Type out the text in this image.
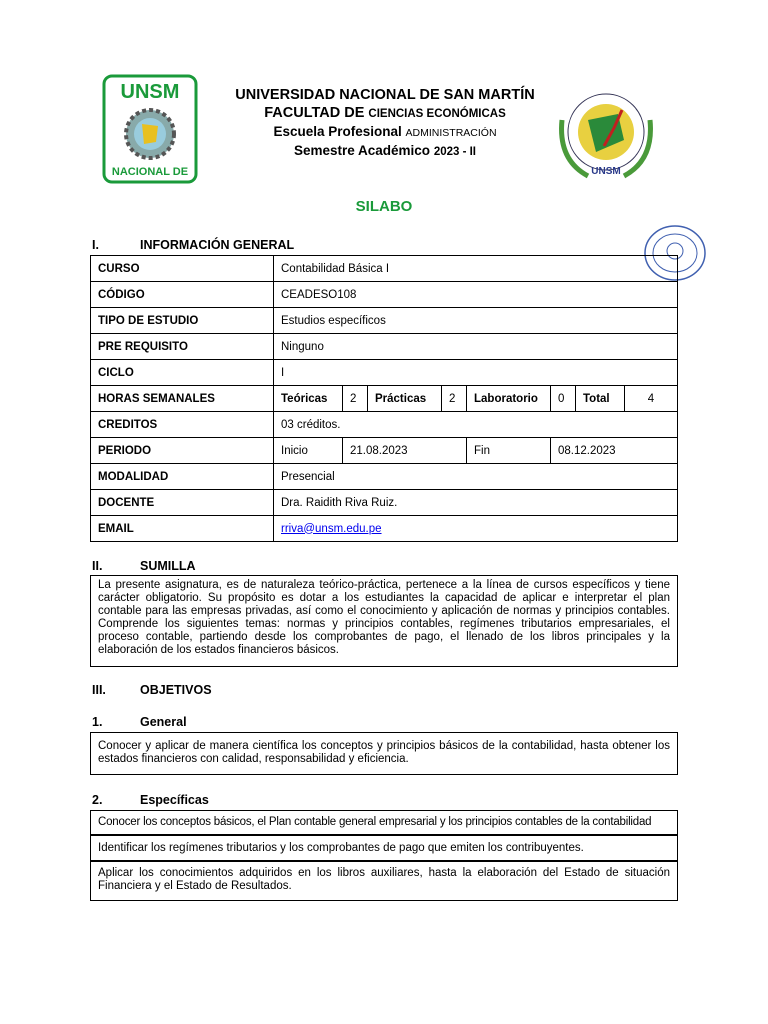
UNSM
NACIONAL DE
UNIVERSIDAD NACIONAL DE SAN MARTÍN
FACULTAD DE CIENCIAS ECONÓMICAS
Escuela Profesional ADMINISTRACIÓN
Semestre Académico 2023 - II
UNSM
SILABO
I.	INFORMACIÓN GENERAL
CURSO	Contabilidad Básica I							
CÓDIGO	CEADESO108							
TIPO DE ESTUDIO	Estudios específicos							
PRE REQUISITO	Ninguno							
CICLO	I							
HORAS SEMANALES	Teóricas	2	Prácticas	2	Laboratorio	0	Total	4
CREDITOS	03 créditos.							
PERIODO	Inicio	21.08.2023			Fin	08.12.2023		
MODALIDAD	Presencial							
DOCENTE	Dra. Raidith Riva Ruiz.							
EMAIL	rriva@unsm.edu.pe							
II.	SUMILLA
La presente asignatura, es de naturaleza teórico-práctica, pertenece a la línea de cursos específicos y tiene carácter obligatorio. Su propósito es dotar a los estudiantes la capacidad de aplicar e interpretar el plan contable para las empresas privadas, así como el conocimiento y aplicación de normas y principios contables. Comprende los siguientes temas: normas y principios contables, regímenes tributarios empresariales, el proceso contable, partiendo desde los comprobantes de pago, el llenado de los libros principales y la elaboración de los estados financieros básicos.
III.	OBJETIVOS
1.	General
Conocer y aplicar de manera científica los conceptos y principios básicos de la contabilidad, hasta obtener los estados financieros con calidad, responsabilidad y eficiencia.
2.	Específicas
Conocer los conceptos básicos, el Plan contable general empresarial y los principios contables de la contabilidad
Identificar los regímenes tributarios y los comprobantes de pago que emiten los contribuyentes.
Aplicar los conocimientos adquiridos en los libros auxiliares, hasta la elaboración del Estado de situación Financiera y el Estado de Resultados.
